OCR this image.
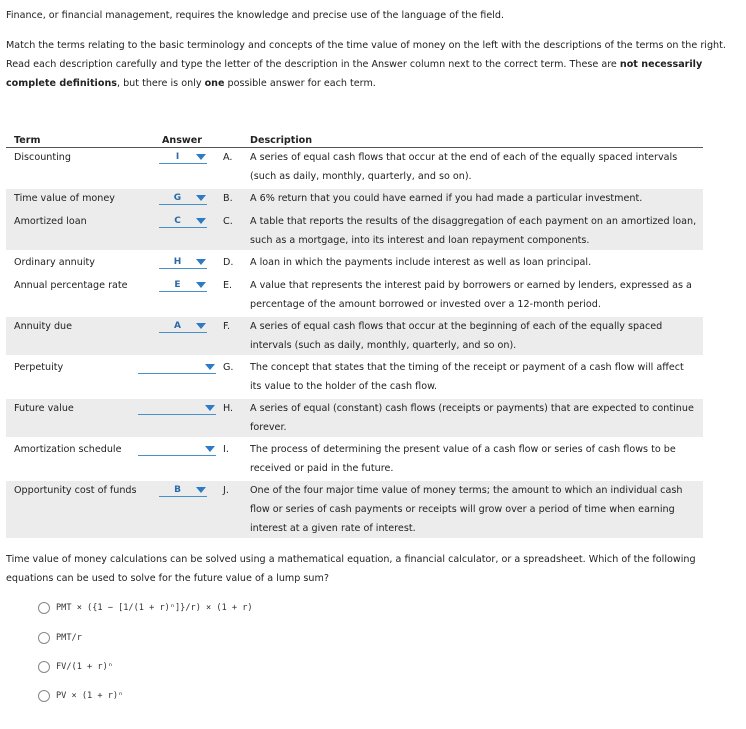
Finance, or financial management, requires the knowledge and precise use of the language of the field.
Match the terms relating to the basic terminology and concepts of the time value of money on the left with the descriptions of the terms on the right. Read each description carefully and type the letter of the description in the Answer column next to the correct term. These are not necessarily complete definitions, but there is only one possible answer for each term.
Term	Answer			Description
Discounting	I		A.	A series of equal cash flows that occur at the end of each of the equally spaced intervals (such as daily, monthly, quarterly, and so on).

Time value of money	G		B.	A 6% return that you could have earned if you had made a particular investment.
Amortized loan	C		C.	A table that reports the results of the disaggregation of each payment on an amortized loan, such as a mortgage, into its interest and loan repayment components.

Ordinary annuity	H		D.	A loan in which the payments include interest as well as loan principal.
Annual percentage rate	E		E.	A value that represents the interest paid by borrowers or earned by lenders, expressed as a percentage of the amount borrowed or invested over a 12-month period.

Annuity due	A		F.	A series of equal cash flows that occur at the beginning of each of the equally spaced intervals (such as daily, monthly, quarterly, and so on).

Perpetuity			G.	The concept that states that the timing of the receipt or payment of a cash flow will affect its value to the holder of the cash flow.

Future value			H.	A series of equal (constant) cash flows (receipts or payments) that are expected to continue forever.

Amortization schedule			I.	The process of determining the present value of a cash flow or series of cash flows to be received or paid in the future.

Opportunity cost of funds	B		J.	One of the four major time value of money terms; the amount to which an individual cash flow or series of cash payments or receipts will grow over a period of time when earning interest at a given rate of interest.
Time value of money calculations can be solved using a mathematical equation, a financial calculator, or a spreadsheet. Which of the following equations can be used to solve for the future value of a lump sum?
PMT × ({1 − [1/(1 + r)ⁿ]}/r) × (1 + r)
PMT/r
FV/(1 + r)ⁿ
PV × (1 + r)ⁿ
